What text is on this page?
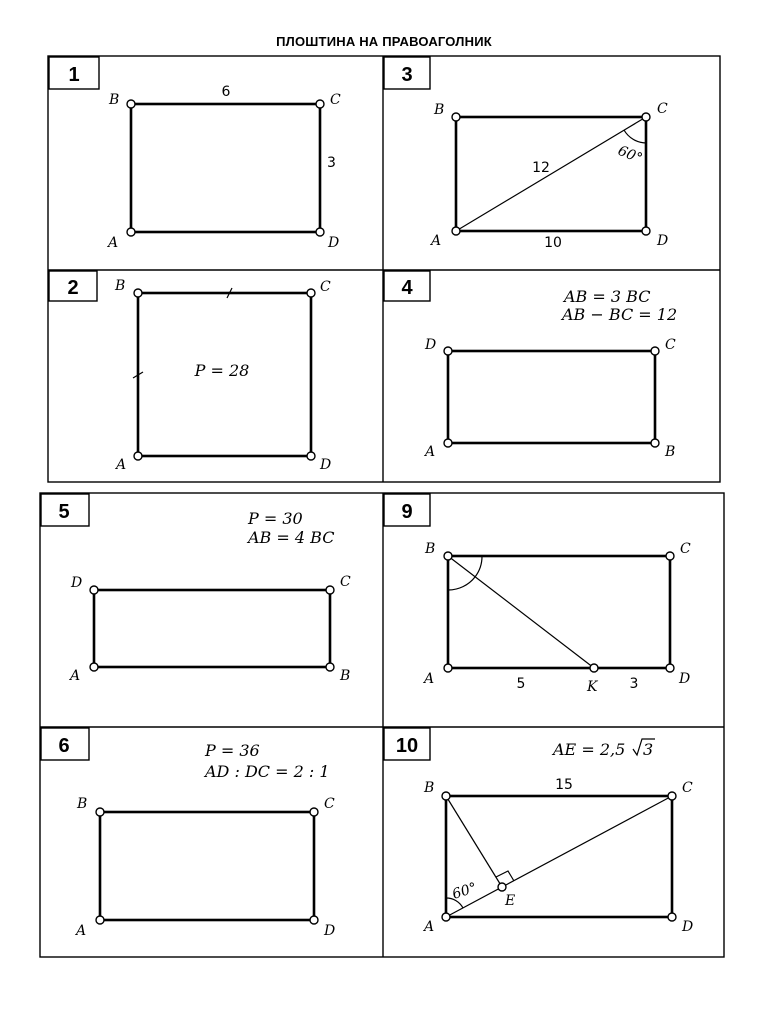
ПЛОШТИНА НА ПРАВОАГОЛНИК
1
B	C
A	D
6
3
3
B	C
A	D
12
10
60°
2	B	C
A	D
P = 28
4	AB = 3 BC
AB − BC = 12
D	C
A	B
5	P = 30
AB = 4 BC
D	C
A	B
9
B	C
A	D
K
5	3
6	P = 36
AD : DC = 2 : 1
B	C
A	D
10	AE = 2,5 3
B	C
A	D
E
15
60°
